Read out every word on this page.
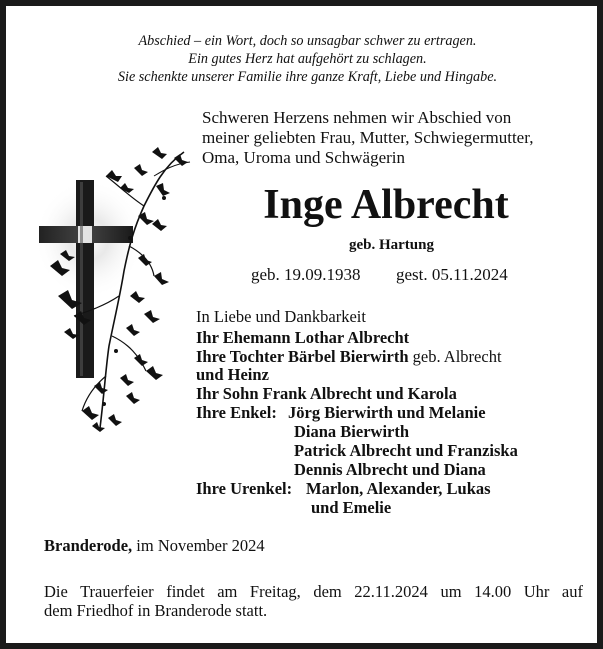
Abschied – ein Wort, doch so unsagbar schwer zu ertragen.
Ein gutes Herz hat aufgehört zu schlagen.
Sie schenkte unserer Familie ihre ganze Kraft, Liebe und Hingabe.
Schweren Herzens nehmen wir Abschied von
meiner geliebten Frau, Mutter, Schwiegermutter,
Oma, Uroma und Schwägerin
Inge Albrecht
geb. Hartung
geb. 19.09.1938 gest. 05.11.2024
In Liebe und Dankbarkeit
Ihr Ehemann Lothar Albrecht
Ihre Tochter Bärbel Bierwirth geb. Albrecht
und Heinz
Ihr Sohn Frank Albrecht und Karola
Ihre Enkel: Jörg Bierwirth und Melanie
Diana Bierwirth
Patrick Albrecht und Franziska
Dennis Albrecht und Diana
Ihre Urenkel: Marlon, Alexander, Lukas
und Emelie
Branderode, im November 2024
Die Trauerfeier findet am Freitag, dem 22.11.2024 um 14.00 Uhr auf
dem Friedhof in Branderode statt.
